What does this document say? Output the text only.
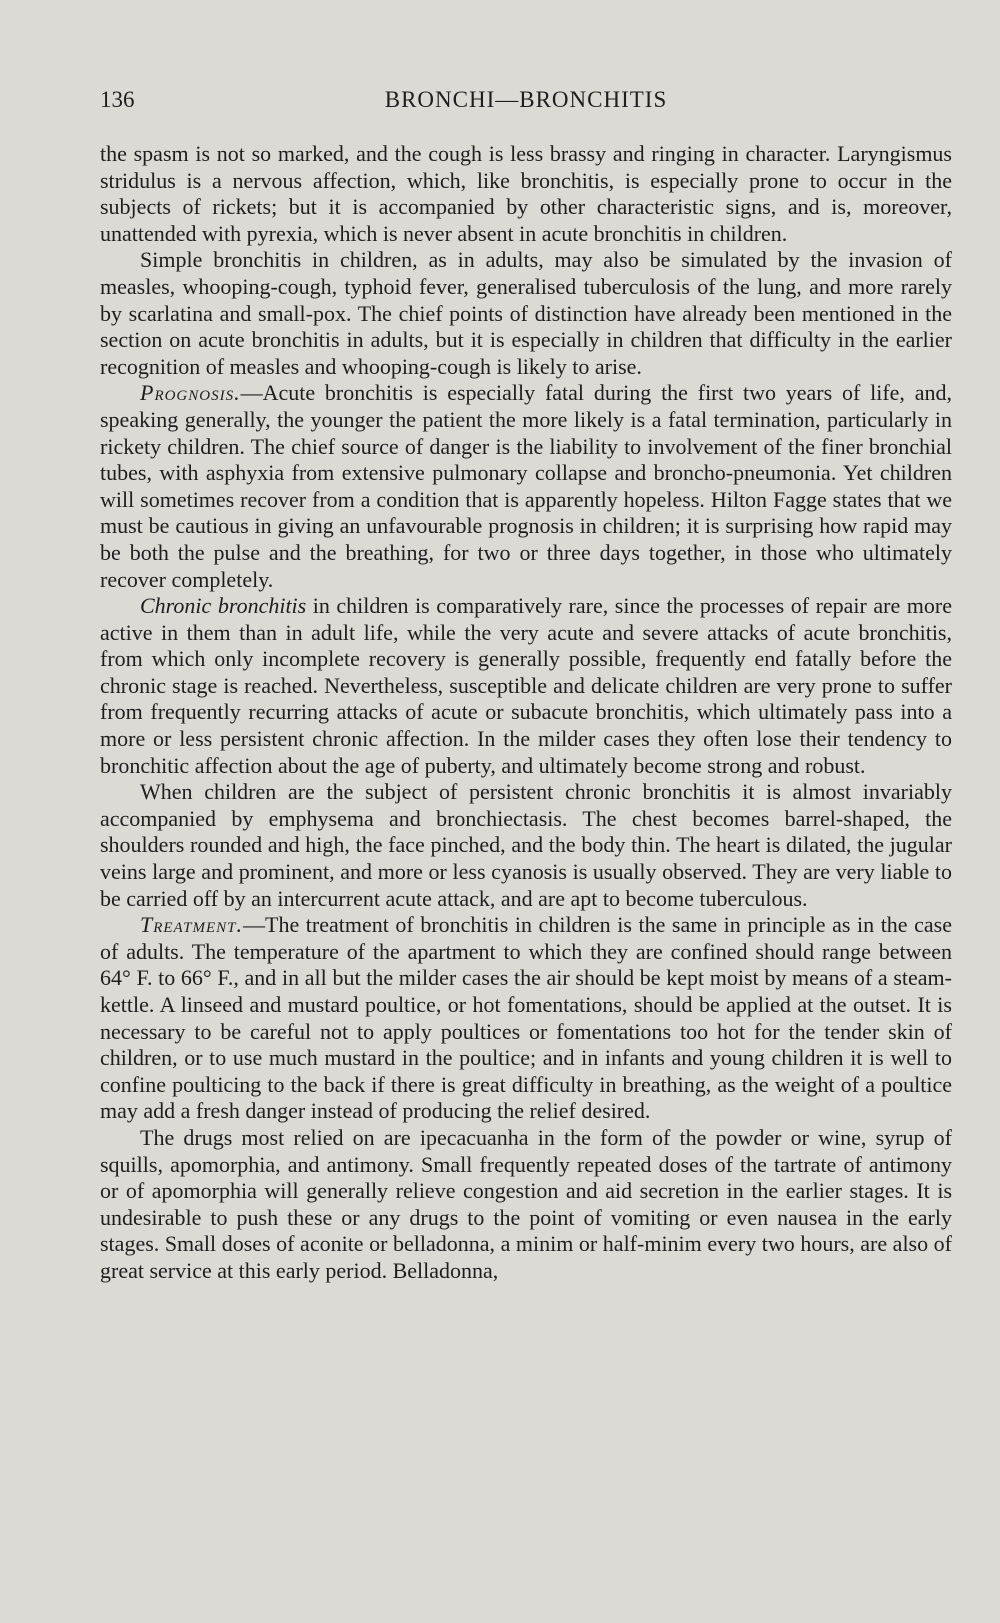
136	BRONCHI—BRONCHITIS

the spasm is not so marked, and the cough is less brassy and ringing in character. Laryngismus stridulus is a nervous affection, which, like bronchitis, is especially prone to occur in the subjects of rickets; but it is accompanied by other characteristic signs, and is, moreover, unattended with pyrexia, which is never absent in acute bronchitis in children.

Simple bronchitis in children, as in adults, may also be simulated by the invasion of measles, whooping-cough, typhoid fever, generalised tuberculosis of the lung, and more rarely by scarlatina and small-pox. The chief points of distinction have already been mentioned in the section on acute bronchitis in adults, but it is especially in children that difficulty in the earlier recognition of measles and whooping-cough is likely to arise.

Prognosis.—Acute bronchitis is especially fatal during the first two years of life, and, speaking generally, the younger the patient the more likely is a fatal termination, particularly in rickety children. The chief source of danger is the liability to involvement of the finer bronchial tubes, with asphyxia from extensive pulmonary collapse and broncho-pneumonia. Yet children will sometimes recover from a condition that is apparently hopeless. Hilton Fagge states that we must be cautious in giving an unfavourable prognosis in children; it is surprising how rapid may be both the pulse and the breathing, for two or three days together, in those who ultimately recover completely.

Chronic bronchitis in children is comparatively rare, since the processes of repair are more active in them than in adult life, while the very acute and severe attacks of acute bronchitis, from which only incomplete recovery is generally possible, frequently end fatally before the chronic stage is reached. Nevertheless, susceptible and delicate children are very prone to suffer from frequently recurring attacks of acute or subacute bronchitis, which ultimately pass into a more or less persistent chronic affection. In the milder cases they often lose their tendency to bronchitic affection about the age of puberty, and ultimately become strong and robust.

When children are the subject of persistent chronic bronchitis it is almost invariably accompanied by emphysema and bronchiectasis. The chest becomes barrel-shaped, the shoulders rounded and high, the face pinched, and the body thin. The heart is dilated, the jugular veins large and prominent, and more or less cyanosis is usually observed. They are very liable to be carried off by an intercurrent acute attack, and are apt to become tuberculous.

Treatment.—The treatment of bronchitis in children is the same in principle as in the case of adults. The temperature of the apartment to which they are confined should range between 64° F. to 66° F., and in all but the milder cases the air should be kept moist by means of a steam-kettle. A linseed and mustard poultice, or hot fomentations, should be applied at the outset. It is necessary to be careful not to apply poultices or fomentations too hot for the tender skin of children, or to use much mustard in the poultice; and in infants and young children it is well to confine poulticing to the back if there is great difficulty in breathing, as the weight of a poultice may add a fresh danger instead of producing the relief desired.

The drugs most relied on are ipecacuanha in the form of the powder or wine, syrup of squills, apomorphia, and antimony. Small frequently repeated doses of the tartrate of antimony or of apomorphia will generally relieve congestion and aid secretion in the earlier stages. It is undesirable to push these or any drugs to the point of vomiting or even nausea in the early stages. Small doses of aconite or belladonna, a minim or half-minim every two hours, are also of great service at this early period. Belladonna,
